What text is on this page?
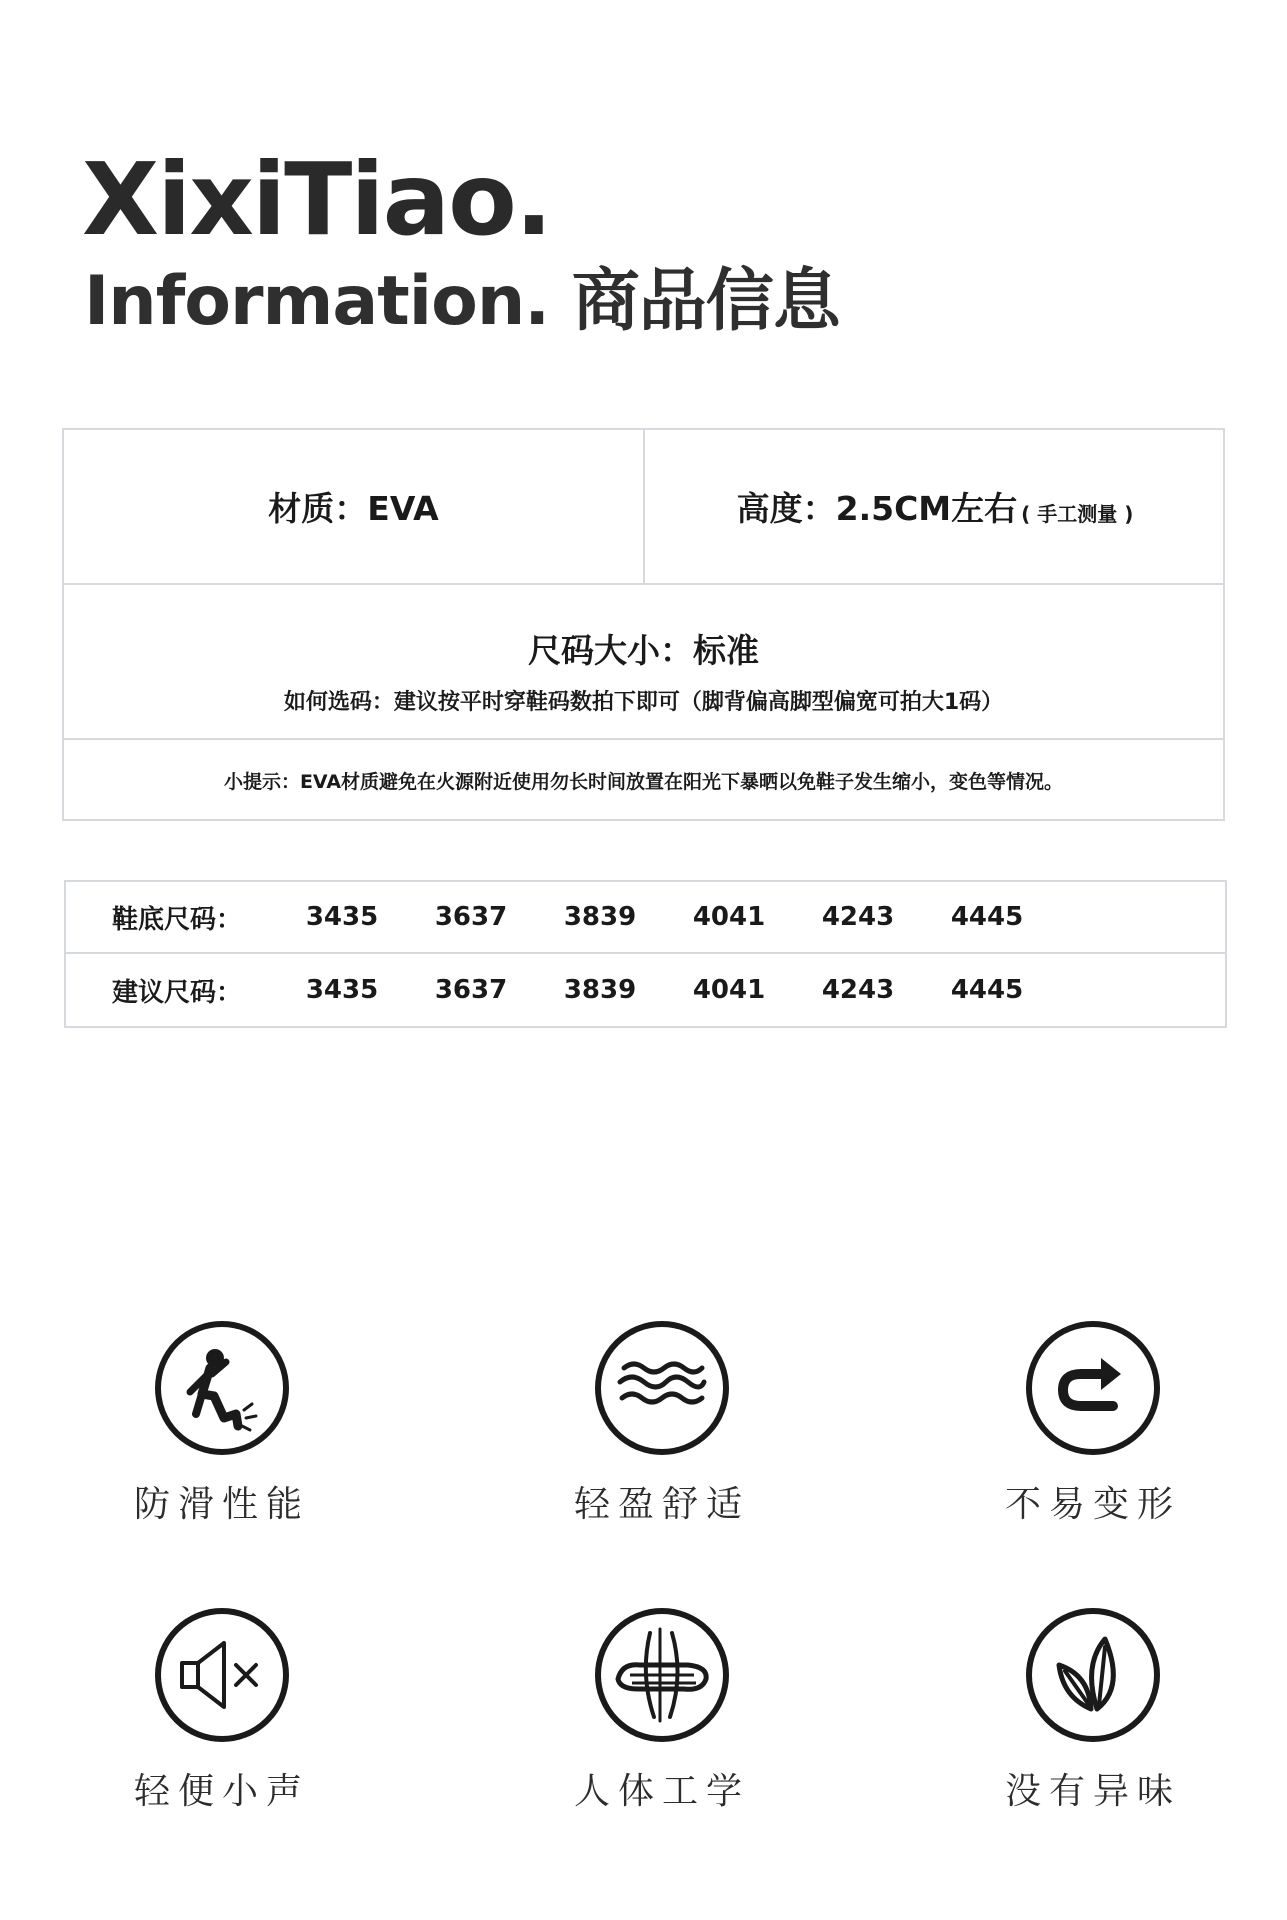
XixiTiao.
Information. 商品信息
材质：EVA	高度：2.5CM左右 ( 手工测量 )
尺码大小：标准
如何选码：建议按平时穿鞋码数拍下即可（脚背偏高脚型偏宽可拍大1码）
小提示：EVA材质避免在火源附近使用勿长时间放置在阳光下暴晒以免鞋子发生缩小，变色等情况。
鞋底尺码：	3435	3637	3839	4041	4243	4445
建议尺码：	3435	3637	3839	4041	4243	4445
防滑性能	轻盈舒适	不易变形
轻便小声	人体工学	没有异味
